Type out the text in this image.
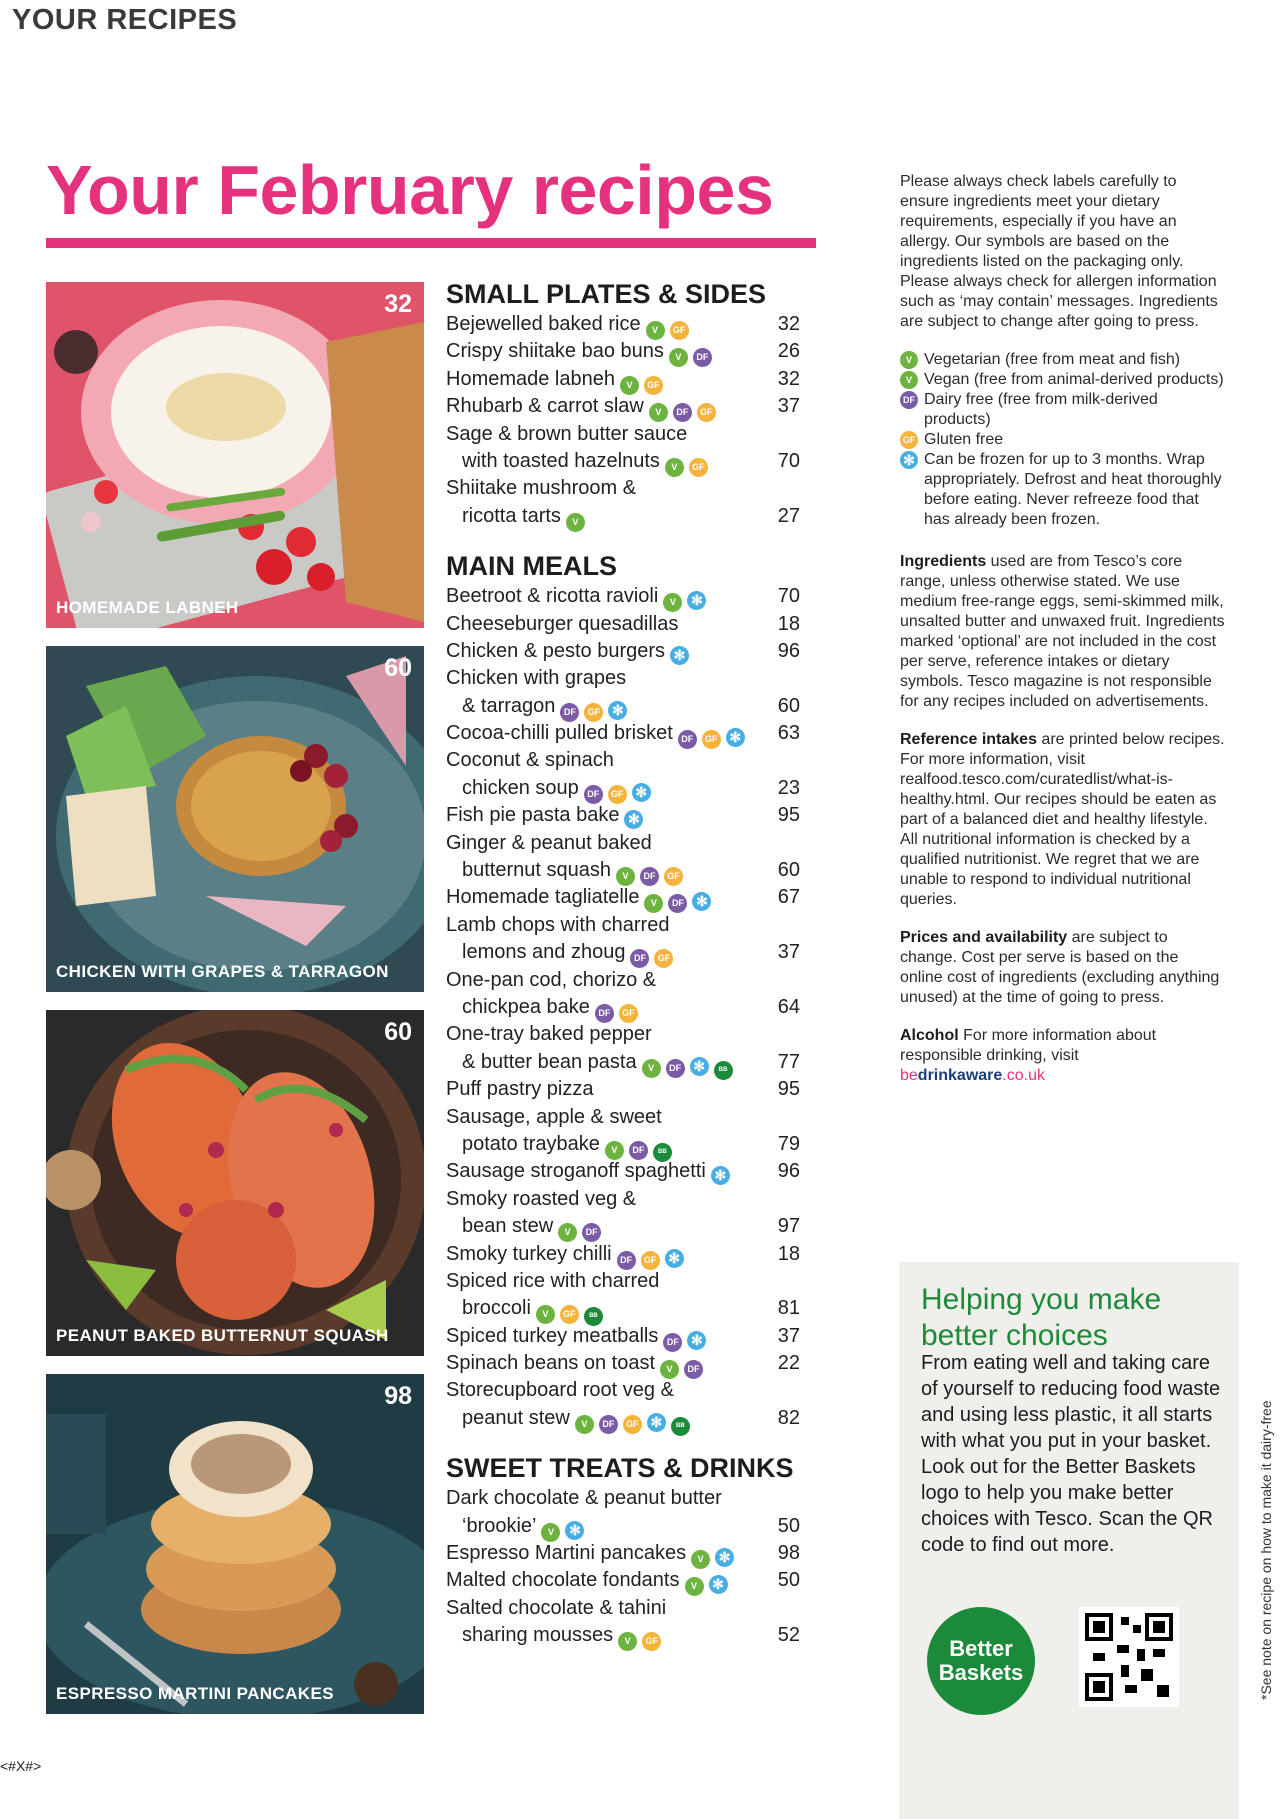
YOUR RECIPES
Your February recipes
32
HOMEMADE LABNEH
60
CHICKEN WITH GRAPES & TARRAGON
60
PEANUT BAKED BUTTERNUT SQUASH
98
ESPRESSO MARTINI PANCAKES
SMALL PLATES & SIDES
Bejewelled baked rice V GF	32
Crispy shiitake bao buns V DF	26
Homemade labneh V GF	32
Rhubarb & carrot slaw V DF GF	37
Sage & brown butter sauce
with toasted hazelnuts V GF	70
Shiitake mushroom &
ricotta tarts V	27
MAIN MEALS
Beetroot & ricotta ravioli V ✻	70
Cheeseburger quesadillas	18
Chicken & pesto burgers ✻	96
Chicken with grapes
& tarragon DF GF ✻	60
Cocoa-chilli pulled brisket DF GF ✻ 63
Coconut & spinach
chicken soup DF GF ✻	23
Fish pie pasta bake ✻	95
Ginger & peanut baked
butternut squash V DF GF	60
Homemade tagliatelle V DF ✻	67
Lamb chops with charred
lemons and zhoug DF GF	37
One-pan cod, chorizo &
chickpea bake DF GF	64
One-tray baked pepper
& butter bean pasta V DF ✻ BB	77
Puff pastry pizza	95
Sausage, apple & sweet
potato traybake V DF BB	79
Sausage stroganoff spaghetti ✻	96
Smoky roasted veg &
bean stew V DF	97
Smoky turkey chilli DF GF ✻	18
Spiced rice with charred
broccoli V GF BB	81
Spiced turkey meatballs DF ✻	37
Spinach beans on toast V DF	22
Storecupboard root veg &
peanut stew V DF GF ✻ BB	82
SWEET TREATS & DRINKS
Dark chocolate & peanut butter
‘brookie’ V ✻	50
Espresso Martini pancakes V ✻ 98
Malted chocolate fondants V ✻	50
Salted chocolate & tahini
sharing mousses V GF	52

Please always check labels carefully to ensure ingredients meet your dietary requirements, especially if you have an allergy. Our symbols are based on the ingredients listed on the packaging only. Please always check for allergen information such as ‘may contain’ messages. Ingredients are subject to change after going to press.

V Vegetarian (free from meat and fish)
V Vegan (free from animal-derived products)
DF Dairy free (free from milk-derived products)
GF Gluten free
✻ Can be frozen for up to 3 months. Wrap appropriately. Defrost and heat thoroughly before eating. Never refreeze food that has already been frozen.

Ingredients used are from Tesco’s core range, unless otherwise stated. We use medium free-range eggs, semi-skimmed milk, unsalted butter and unwaxed fruit. Ingredients marked ‘optional’ are not included in the cost per serve, reference intakes or dietary symbols. Tesco magazine is not responsible for any recipes included on advertisements.

Reference intakes are printed below recipes. For more information, visit realfood.tesco.com/curatedlist/what-is-healthy.html. Our recipes should be eaten as part of a balanced diet and healthy lifestyle. All nutritional information is checked by a qualified nutritionist. We regret that we are unable to respond to individual nutritional queries.

Prices and availability are subject to change. Cost per serve is based on the online cost of ingredients (excluding anything unused) at the time of going to press.

Alcohol For more information about responsible drinking, visit

bedrinkaware.co.uk
Helping you make better choices
From eating well and taking care of yourself to reducing food waste and using less plastic, it all starts with what you put in your basket. Look out for the Better Baskets logo to help you make better choices with Tesco. Scan the QR code to find out more.
Better Baskets	*See note on recipe on how to make it dairy-free
<#X#>
